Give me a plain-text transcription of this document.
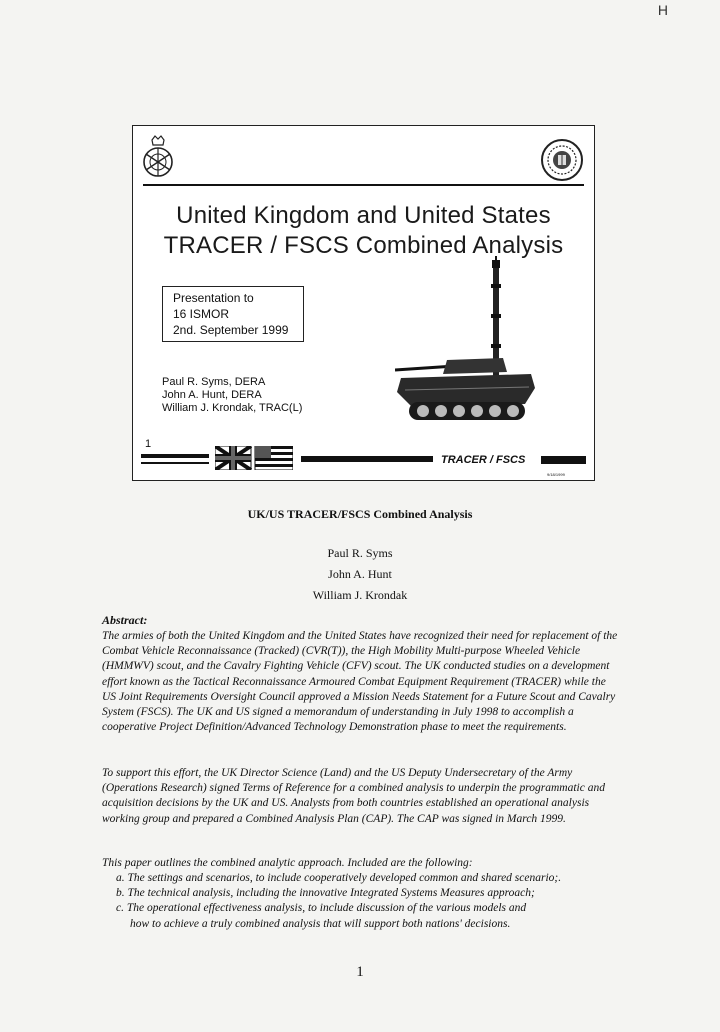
H
United Kingdom and United States
TRACER / FSCS Combined Analysis
Presentation to
16 ISMOR
2nd. September 1999
Paul R. Syms, DERA
John A. Hunt, DERA
William J. Krondak, TRAC(L)
1
TRACER / FSCS
9/18/1999
UK/US TRACER/FSCS Combined Analysis
Paul R. Syms
John A. Hunt
William J. Krondak
Abstract:
The armies of both the United Kingdom and the United States have recognized their need for replacement of the Combat Vehicle Reconnaissance (Tracked) (CVR(T)), the High Mobility Multi-purpose Wheeled Vehicle (HMMWV) scout, and the Cavalry Fighting Vehicle (CFV) scout. The UK conducted studies on a development effort known as the Tactical Reconnaissance Armoured Combat Equipment Requirement (TRACER) while the US Joint Requirements Oversight Council approved a Mission Needs Statement for a Future Scout and Cavalry System (FSCS). The UK and US signed a memorandum of understanding in July 1998 to accomplish a cooperative Project Definition/Advanced Technology Demonstration phase to meet the requirements.
To support this effort, the UK Director Science (Land) and the US Deputy Undersecretary of the Army (Operations Research) signed Terms of Reference for a combined analysis to underpin the programmatic and acquisition decisions by the UK and US. Analysts from both countries established an operational analysis working group and prepared a Combined Analysis Plan (CAP). The CAP was signed in March 1999.
This paper outlines the combined analytic approach. Included are the following:
a. The settings and scenarios, to include cooperatively developed common and shared scenario;.
b. The technical analysis, including the innovative Integrated Systems Measures approach;
c. The operational effectiveness analysis, to include discussion of the various models and
how to achieve a truly combined analysis that will support both nations' decisions.
1
